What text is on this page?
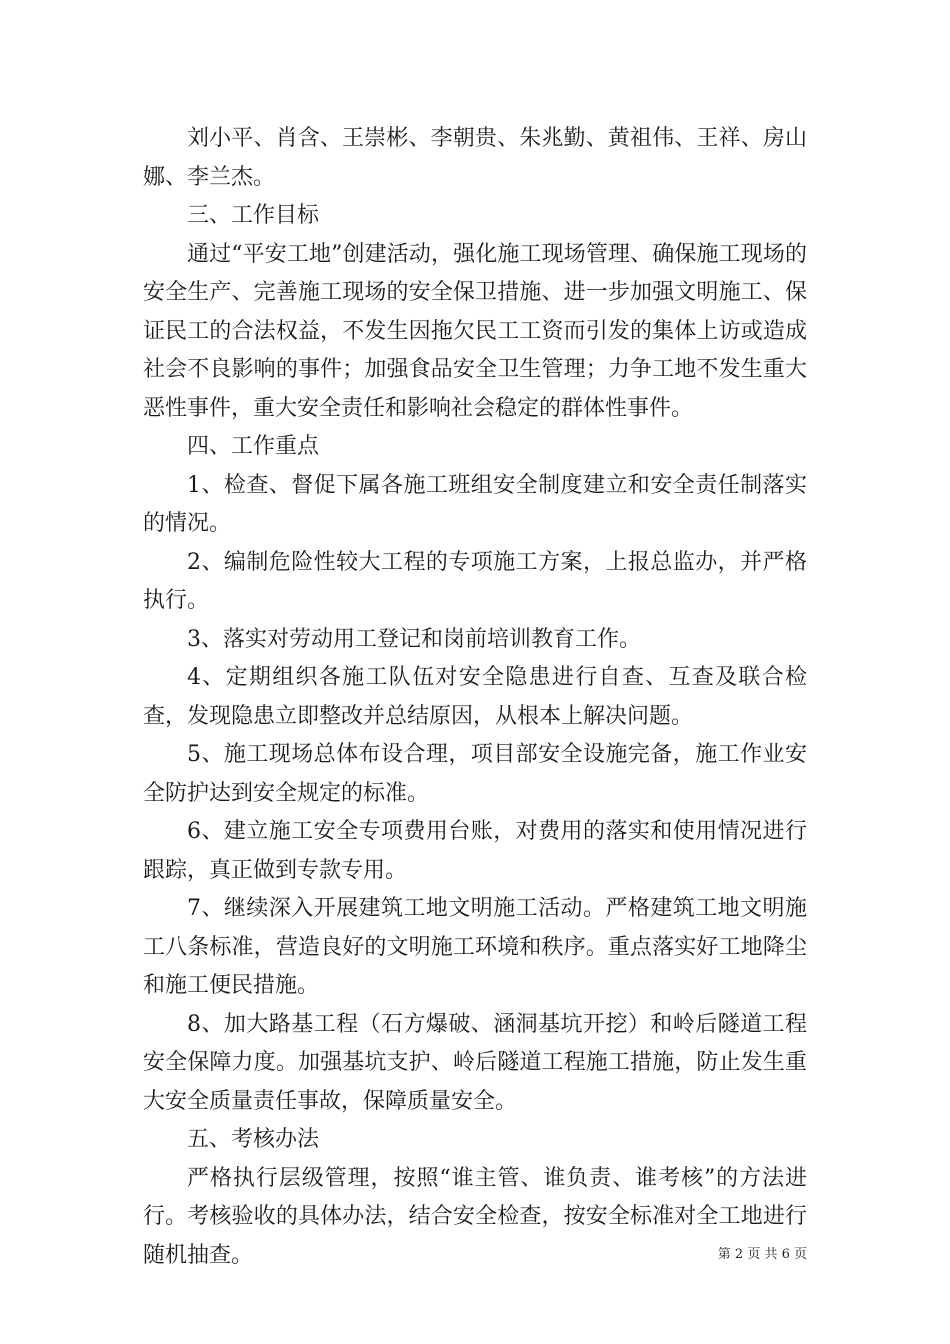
刘小平、肖含、王崇彬、李朝贵、朱兆勤、黄祖伟、王祥、房山娜、李兰杰。

三、工作目标

通过“平安工地”创建活动，强化施工现场管理、确保施工现场的安全生产、完善施工现场的安全保卫措施、进一步加强文明施工、保证民工的合法权益，不发生因拖欠民工工资而引发的集体上访或造成社会不良影响的事件；加强食品安全卫生管理；力争工地不发生重大恶性事件，重大安全责任和影响社会稳定的群体性事件。

四、工作重点

1、检查、督促下属各施工班组安全制度建立和安全责任制落实的情况。

2、编制危险性较大工程的专项施工方案，上报总监办，并严格执行。

3、落实对劳动用工登记和岗前培训教育工作。

4、定期组织各施工队伍对安全隐患进行自查、互查及联合检查，发现隐患立即整改并总结原因，从根本上解决问题。

5、施工现场总体布设合理，项目部安全设施完备，施工作业安全防护达到安全规定的标准。

6、建立施工安全专项费用台账，对费用的落实和使用情况进行跟踪，真正做到专款专用。

7、继续深入开展建筑工地文明施工活动。严格建筑工地文明施工八条标准，营造良好的文明施工环境和秩序。重点落实好工地降尘和施工便民措施。

8、加大路基工程（石方爆破、涵洞基坑开挖）和岭后隧道工程安全保障力度。加强基坑支护、岭后隧道工程施工措施，防止发生重大安全质量责任事故，保障质量安全。

五、考核办法

严格执行层级管理，按照“谁主管、谁负责、谁考核”的方法进行。考核验收的具体办法，结合安全检查，按安全标准对全工地进行随机抽查。	第 2 页 共 6 页
